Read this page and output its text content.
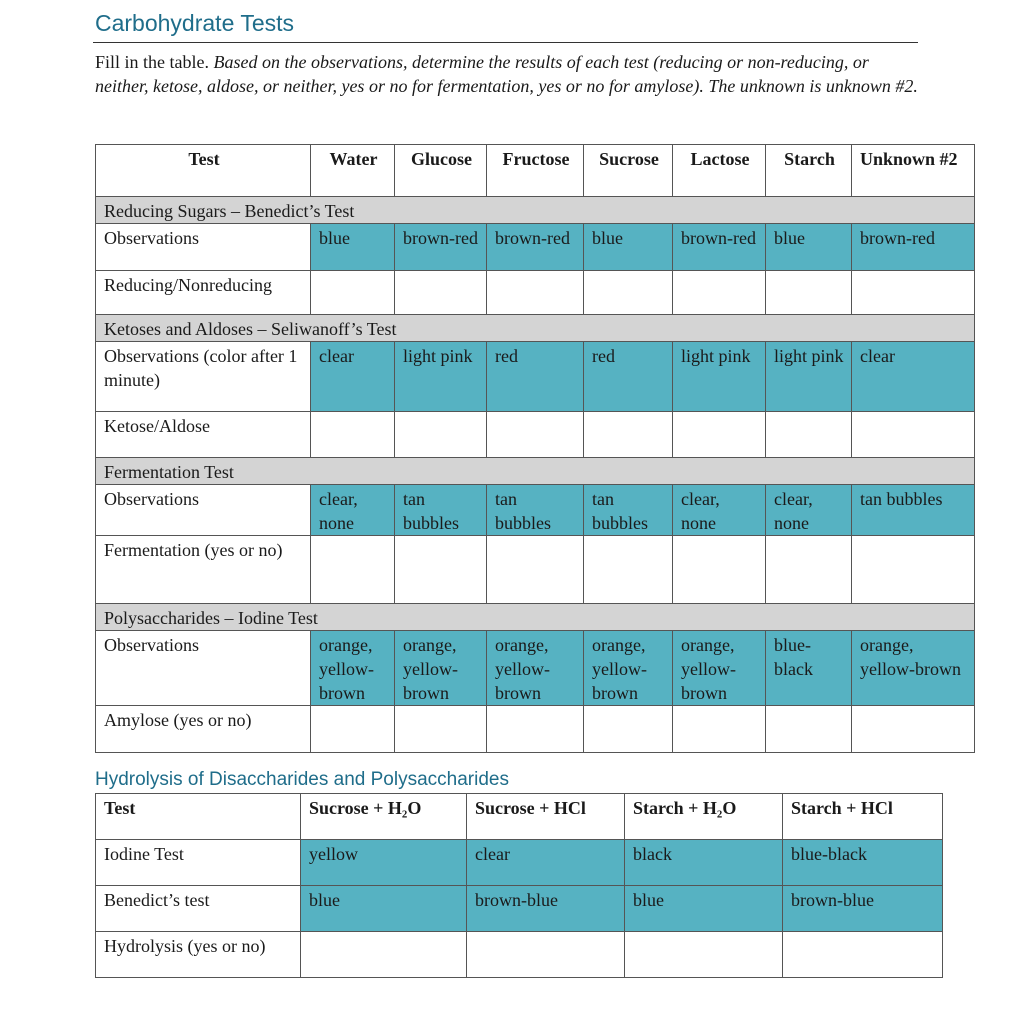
Carbohydrate Tests
Fill in the table. Based on the observations, determine the results of each test (reducing or non-reducing, or neither, ketose, aldose, or neither, yes or no for fermentation, yes or no for amylose). The unknown is unknown #2.
Test	Water	Glucose	Fructose	Sucrose	Lactose	Starch	Unknown #2
Reducing Sugars – Benedict’s Test							
Observations	blue	brown-red	brown-red	blue	brown-red	blue	brown-red
Reducing/Nonreducing							
Ketoses and Aldoses – Seliwanoff’s Test							
Observations (color after 1 minute)	clear	light pink	red	red	light pink	light pink	clear
Ketose/Aldose							
Fermentation Test							
Observations	clear, none	tan bubbles	tan bubbles	tan bubbles	clear, none	clear, none	tan bubbles
Fermentation (yes or no)							
Polysaccharides – Iodine Test							
Observations	orange, yellow-brown	orange, yellow-brown	orange, yellow-brown	orange, yellow-brown	orange, yellow-brown	blue-black	orange, yellow-brown
Amylose (yes or no)							
Hydrolysis of Disaccharides and Polysaccharides
Test	Sucrose + H₂O	Sucrose + HCl	Starch + H₂O	Starch + HCl
Iodine Test	yellow	clear	black	blue-black
Benedict’s test	blue	brown-blue	blue	brown-blue
Hydrolysis (yes or no)				
